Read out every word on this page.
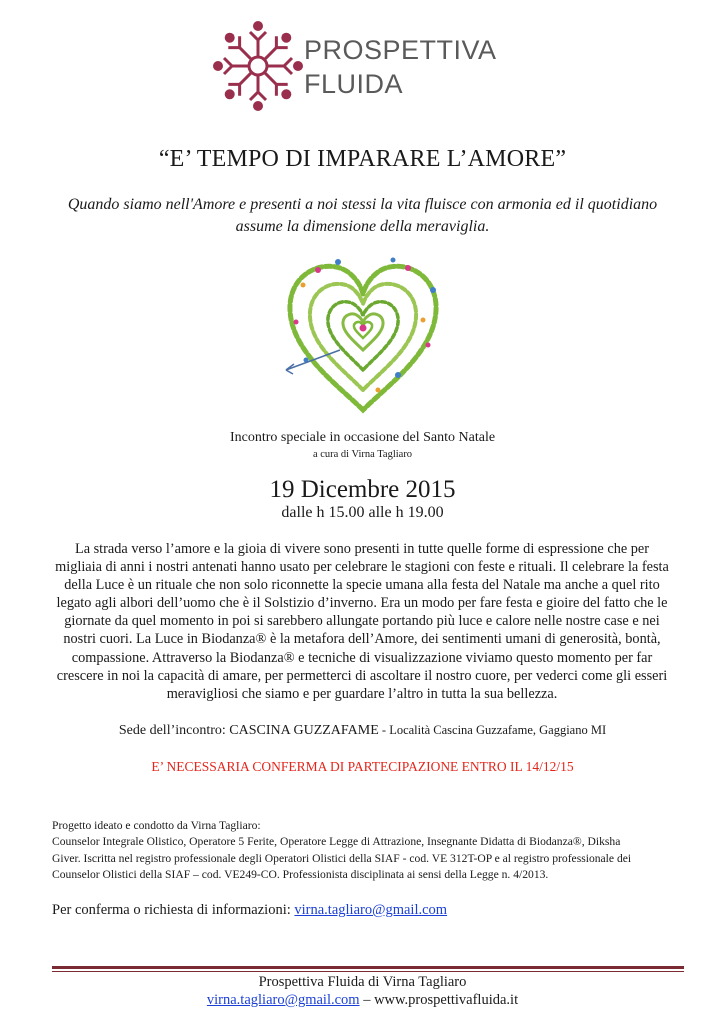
PROSPETTIVA
FLUIDA
“E’ TEMPO DI IMPARARE L’AMORE”
Quando siamo nell'Amore e presenti a noi stessi la vita fluisce con armonia ed il quotidiano
assume la dimensione della meraviglia.
Incontro speciale in occasione del Santo Natale
a cura di Virna Tagliaro
19 Dicembre 2015
dalle h 15.00 alle h 19.00
La strada verso l’amore e la gioia di vivere sono presenti in tutte quelle forme di espressione che per
migliaia di anni i nostri antenati hanno usato per celebrare le stagioni con feste e rituali. Il celebrare la festa
della Luce è un rituale che non solo riconnette la specie umana alla festa del Natale ma anche a quel rito
legato agli albori dell’uomo che è il Solstizio d’inverno. Era un modo per fare festa e gioire del fatto che le
giornate da quel momento in poi si sarebbero allungate portando più luce e calore nelle nostre case e nei
nostri cuori. La Luce in Biodanza® è la metafora dell’Amore, dei sentimenti umani di generosità, bontà,
compassione. Attraverso la Biodanza® e tecniche di visualizzazione viviamo questo momento per far
crescere in noi la capacità di amare, per permetterci di ascoltare il nostro cuore, per vederci come gli esseri
meravigliosi che siamo e per guardare l’altro in tutta la sua bellezza.
Sede dell’incontro: CASCINA GUZZAFAME - Località Cascina Guzzafame, Gaggiano MI
E’ NECESSARIA CONFERMA DI PARTECIPAZIONE ENTRO IL 14/12/15
Progetto ideato e condotto da Virna Tagliaro:
Counselor Integrale Olistico, Operatore 5 Ferite, Operatore Legge di Attrazione, Insegnante Didatta di Biodanza®, Diksha
Giver. Iscritta nel registro professionale degli Operatori Olistici della SIAF - cod. VE 312T-OP e al registro professionale dei
Counselor Olistici della SIAF – cod. VE249-CO. Professionista disciplinata ai sensi della Legge n. 4/2013.
Per conferma o richiesta di informazioni: virna.tagliaro@gmail.com
Prospettiva Fluida di Virna Tagliaro
virna.tagliaro@gmail.com – www.prospettivafluida.it
